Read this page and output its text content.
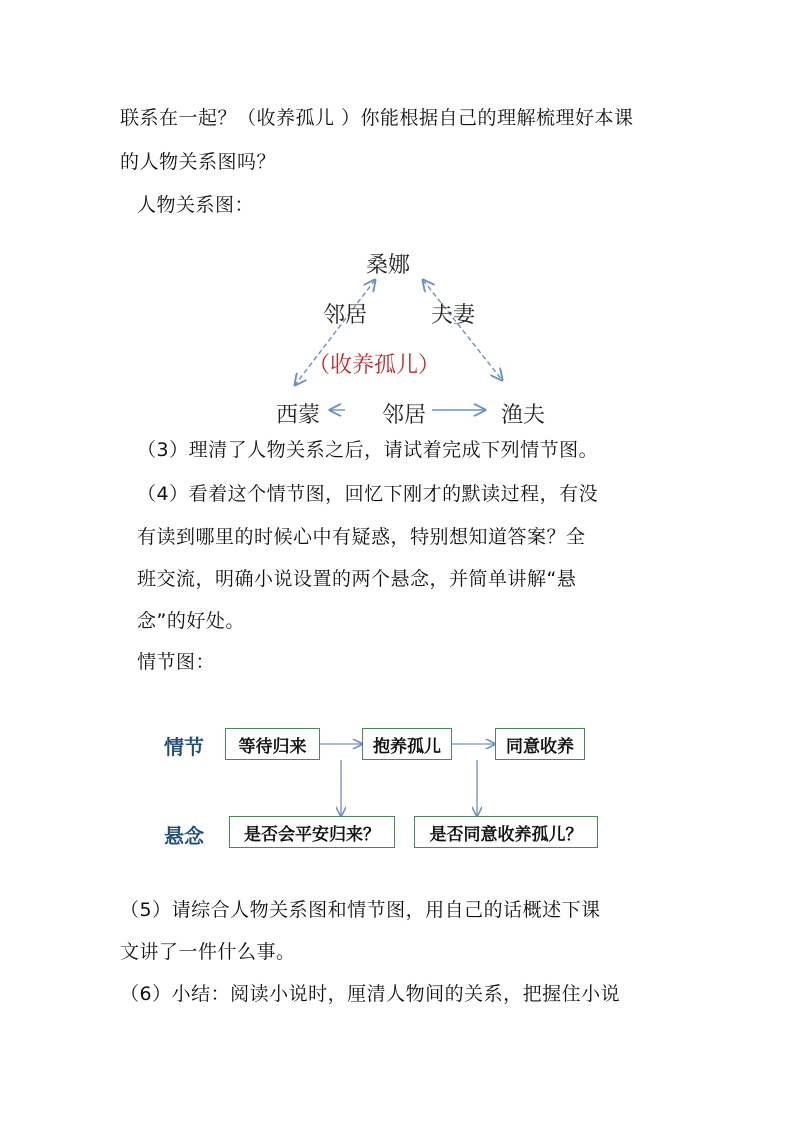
联系在一起？（收养孤儿 ）你能根据自己的理解梳理好本课
的人物关系图吗？
人物关系图：
桑娜
邻居	夫妻
（收养孤儿）
西蒙	邻居	渔夫
（3）理清了人物关系之后，请试着完成下列情节图。
（4）看着这个情节图，回忆下刚才的默读过程，有没
有读到哪里的时候心中有疑惑，特别想知道答案？全
班交流，明确小说设置的两个悬念，并简单讲解“悬
念”的好处。
情节图：
情节
悬念
等待归来	抱养孤儿	同意收养
是否会平安归来？	是否同意收养孤儿？
（5）请综合人物关系图和情节图，用自己的话概述下课
文讲了一件什么事。
（6）小结：阅读小说时，厘清人物间的关系，把握住小说
